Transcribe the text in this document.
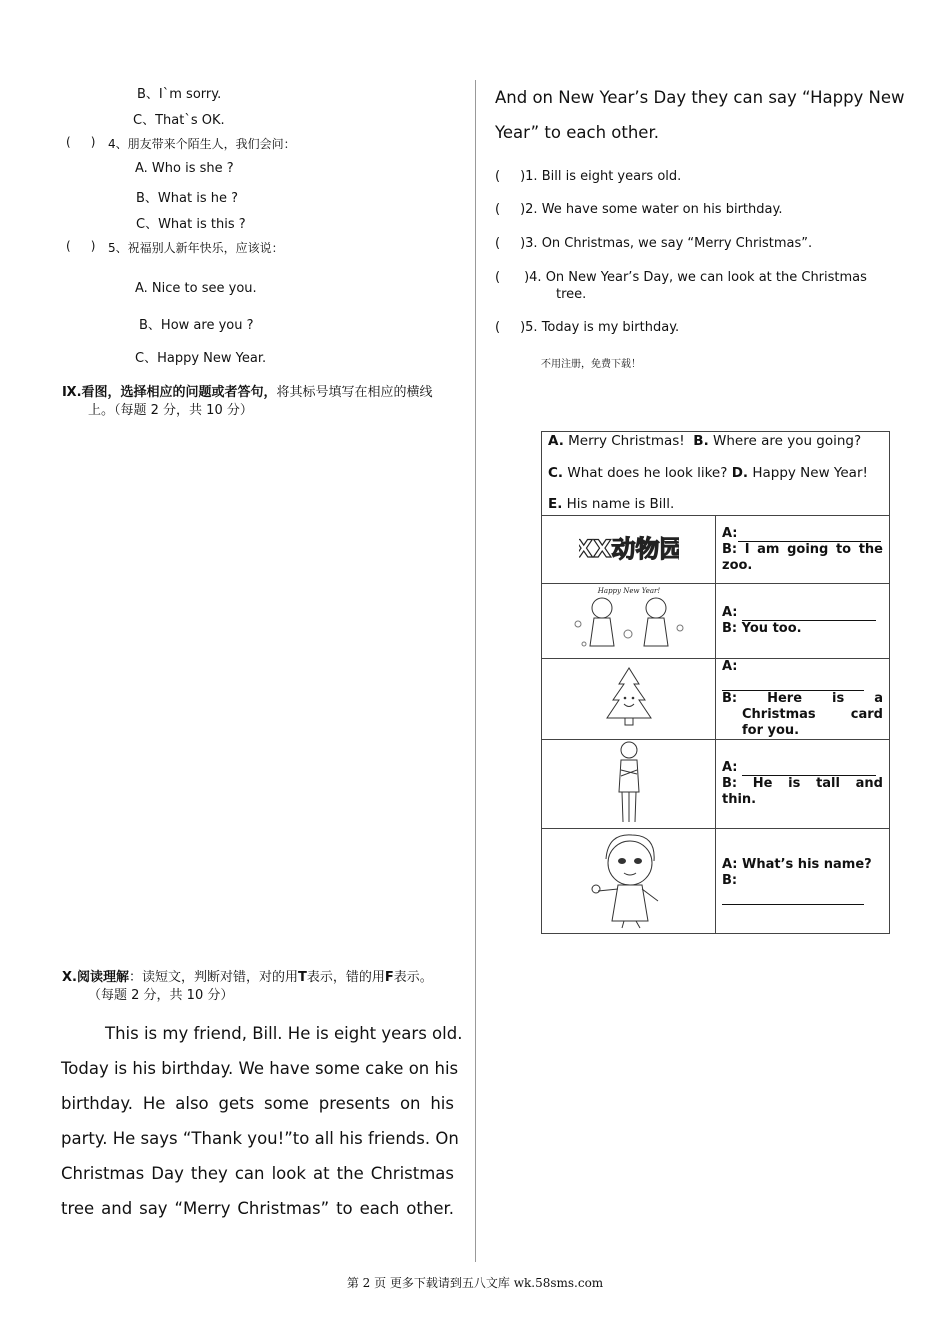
B、I`m sorry.
C、That`s OK.
( ) 4、朋友带来个陌生人，我们会问：
A. Who is she ?
B、What is he ?
C、What is this ?
( ) 5、祝福别人新年快乐，应该说：
A. Nice to see you.
B、How are you ?
C、Happy New Year.
Ⅸ.看图，选择相应的问题或者答句，将其标号填写在相应的横线
上。（每题 2 分，共 10 分）
X.阅读理解：读短文，判断对错，对的用T表示，错的用F表示。
（每题 2 分，共 10 分）
This is my friend, Bill. He is eight years old.
Today is his birthday. We have some cake on his
birthday. He also gets some presents on his
party. He says “Thank you!”to all his friends. On
Christmas Day they can look at the Christmas
tree and say “Merry Christmas” to each other.
And on New Year’s Day they can say “Happy New
Year” to each other.
( )1. Bill is eight years old.
( )2. We have some water on his birthday.
( )3. On Christmas, we say “Merry Christmas”.
( )4. On New Year’s Day, we can look at the Christmas
tree.
( )5. Today is my birthday.
不用注册，免费下载！
A. Merry Christmas! B. Where are you going?
C. What does he look like? D. Happy New Year!
E. His name is Bill.	

XX动物园	A:
B: I am going to the
zoo.

Happy New Year!	A:
B: You too.

A:
B: Here is a
Christmas card
for you.

A:
B: He is tall and
thin.

A: What’s his name?
B:
第 2 页 更多下载请到五八文库 wk.58sms.com
